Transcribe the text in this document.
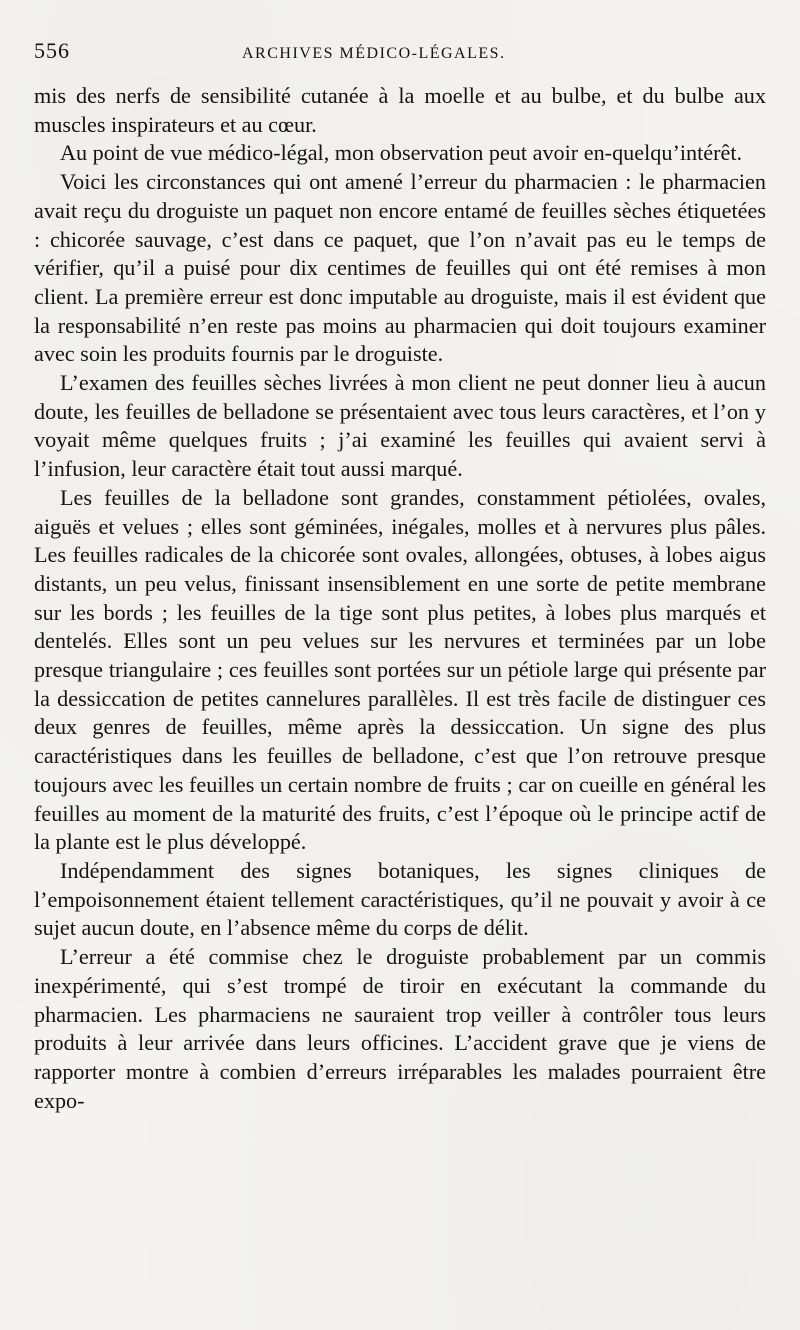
556	ARCHIVES MÉDICO-LÉGALES.

mis des nerfs de sensibilité cutanée à la moelle et au bulbe, et du bulbe aux muscles inspirateurs et au cœur.

Au point de vue médico-légal, mon observation peut avoir en-quelqu’intérêt.

Voici les circonstances qui ont amené l’erreur du pharmacien : le pharmacien avait reçu du droguiste un paquet non encore entamé de feuilles sèches étiquetées : chicorée sauvage, c’est dans ce paquet, que l’on n’avait pas eu le temps de vérifier, qu’il a puisé pour dix centimes de feuilles qui ont été remises à mon client. La première erreur est donc imputable au droguiste, mais il est évident que la responsabilité n’en reste pas moins au pharmacien qui doit toujours examiner avec soin les produits fournis par le droguiste.

L’examen des feuilles sèches livrées à mon client ne peut donner lieu à aucun doute, les feuilles de belladone se présentaient avec tous leurs caractères, et l’on y voyait même quelques fruits ; j’ai examiné les feuilles qui avaient servi à l’infusion, leur caractère était tout aussi marqué.

Les feuilles de la belladone sont grandes, constamment pétiolées, ovales, aiguës et velues ; elles sont géminées, inégales, molles et à nervures plus pâles. Les feuilles radicales de la chicorée sont ovales, allongées, obtuses, à lobes aigus distants, un peu velus, finissant insensiblement en une sorte de petite membrane sur les bords ; les feuilles de la tige sont plus petites, à lobes plus marqués et dentelés. Elles sont un peu velues sur les nervures et terminées par un lobe presque triangulaire ; ces feuilles sont portées sur un pétiole large qui présente par la dessiccation de petites cannelures parallèles. Il est très facile de distinguer ces deux genres de feuilles, même après la dessiccation. Un signe des plus caractéristiques dans les feuilles de belladone, c’est que l’on retrouve presque toujours avec les feuilles un certain nombre de fruits ; car on cueille en général les feuilles au moment de la maturité des fruits, c’est l’époque où le principe actif de la plante est le plus développé.

Indépendamment des signes botaniques, les signes cliniques de l’empoisonnement étaient tellement caractéristiques, qu’il ne pouvait y avoir à ce sujet aucun doute, en l’absence même du corps de délit.

L’erreur a été commise chez le droguiste probablement par un commis inexpérimenté, qui s’est trompé de tiroir en exécutant la commande du pharmacien. Les pharmaciens ne sauraient trop veiller à contrôler tous leurs produits à leur arrivée dans leurs officines. L’accident grave que je viens de rapporter montre à combien d’erreurs irréparables les malades pourraient être expo-
